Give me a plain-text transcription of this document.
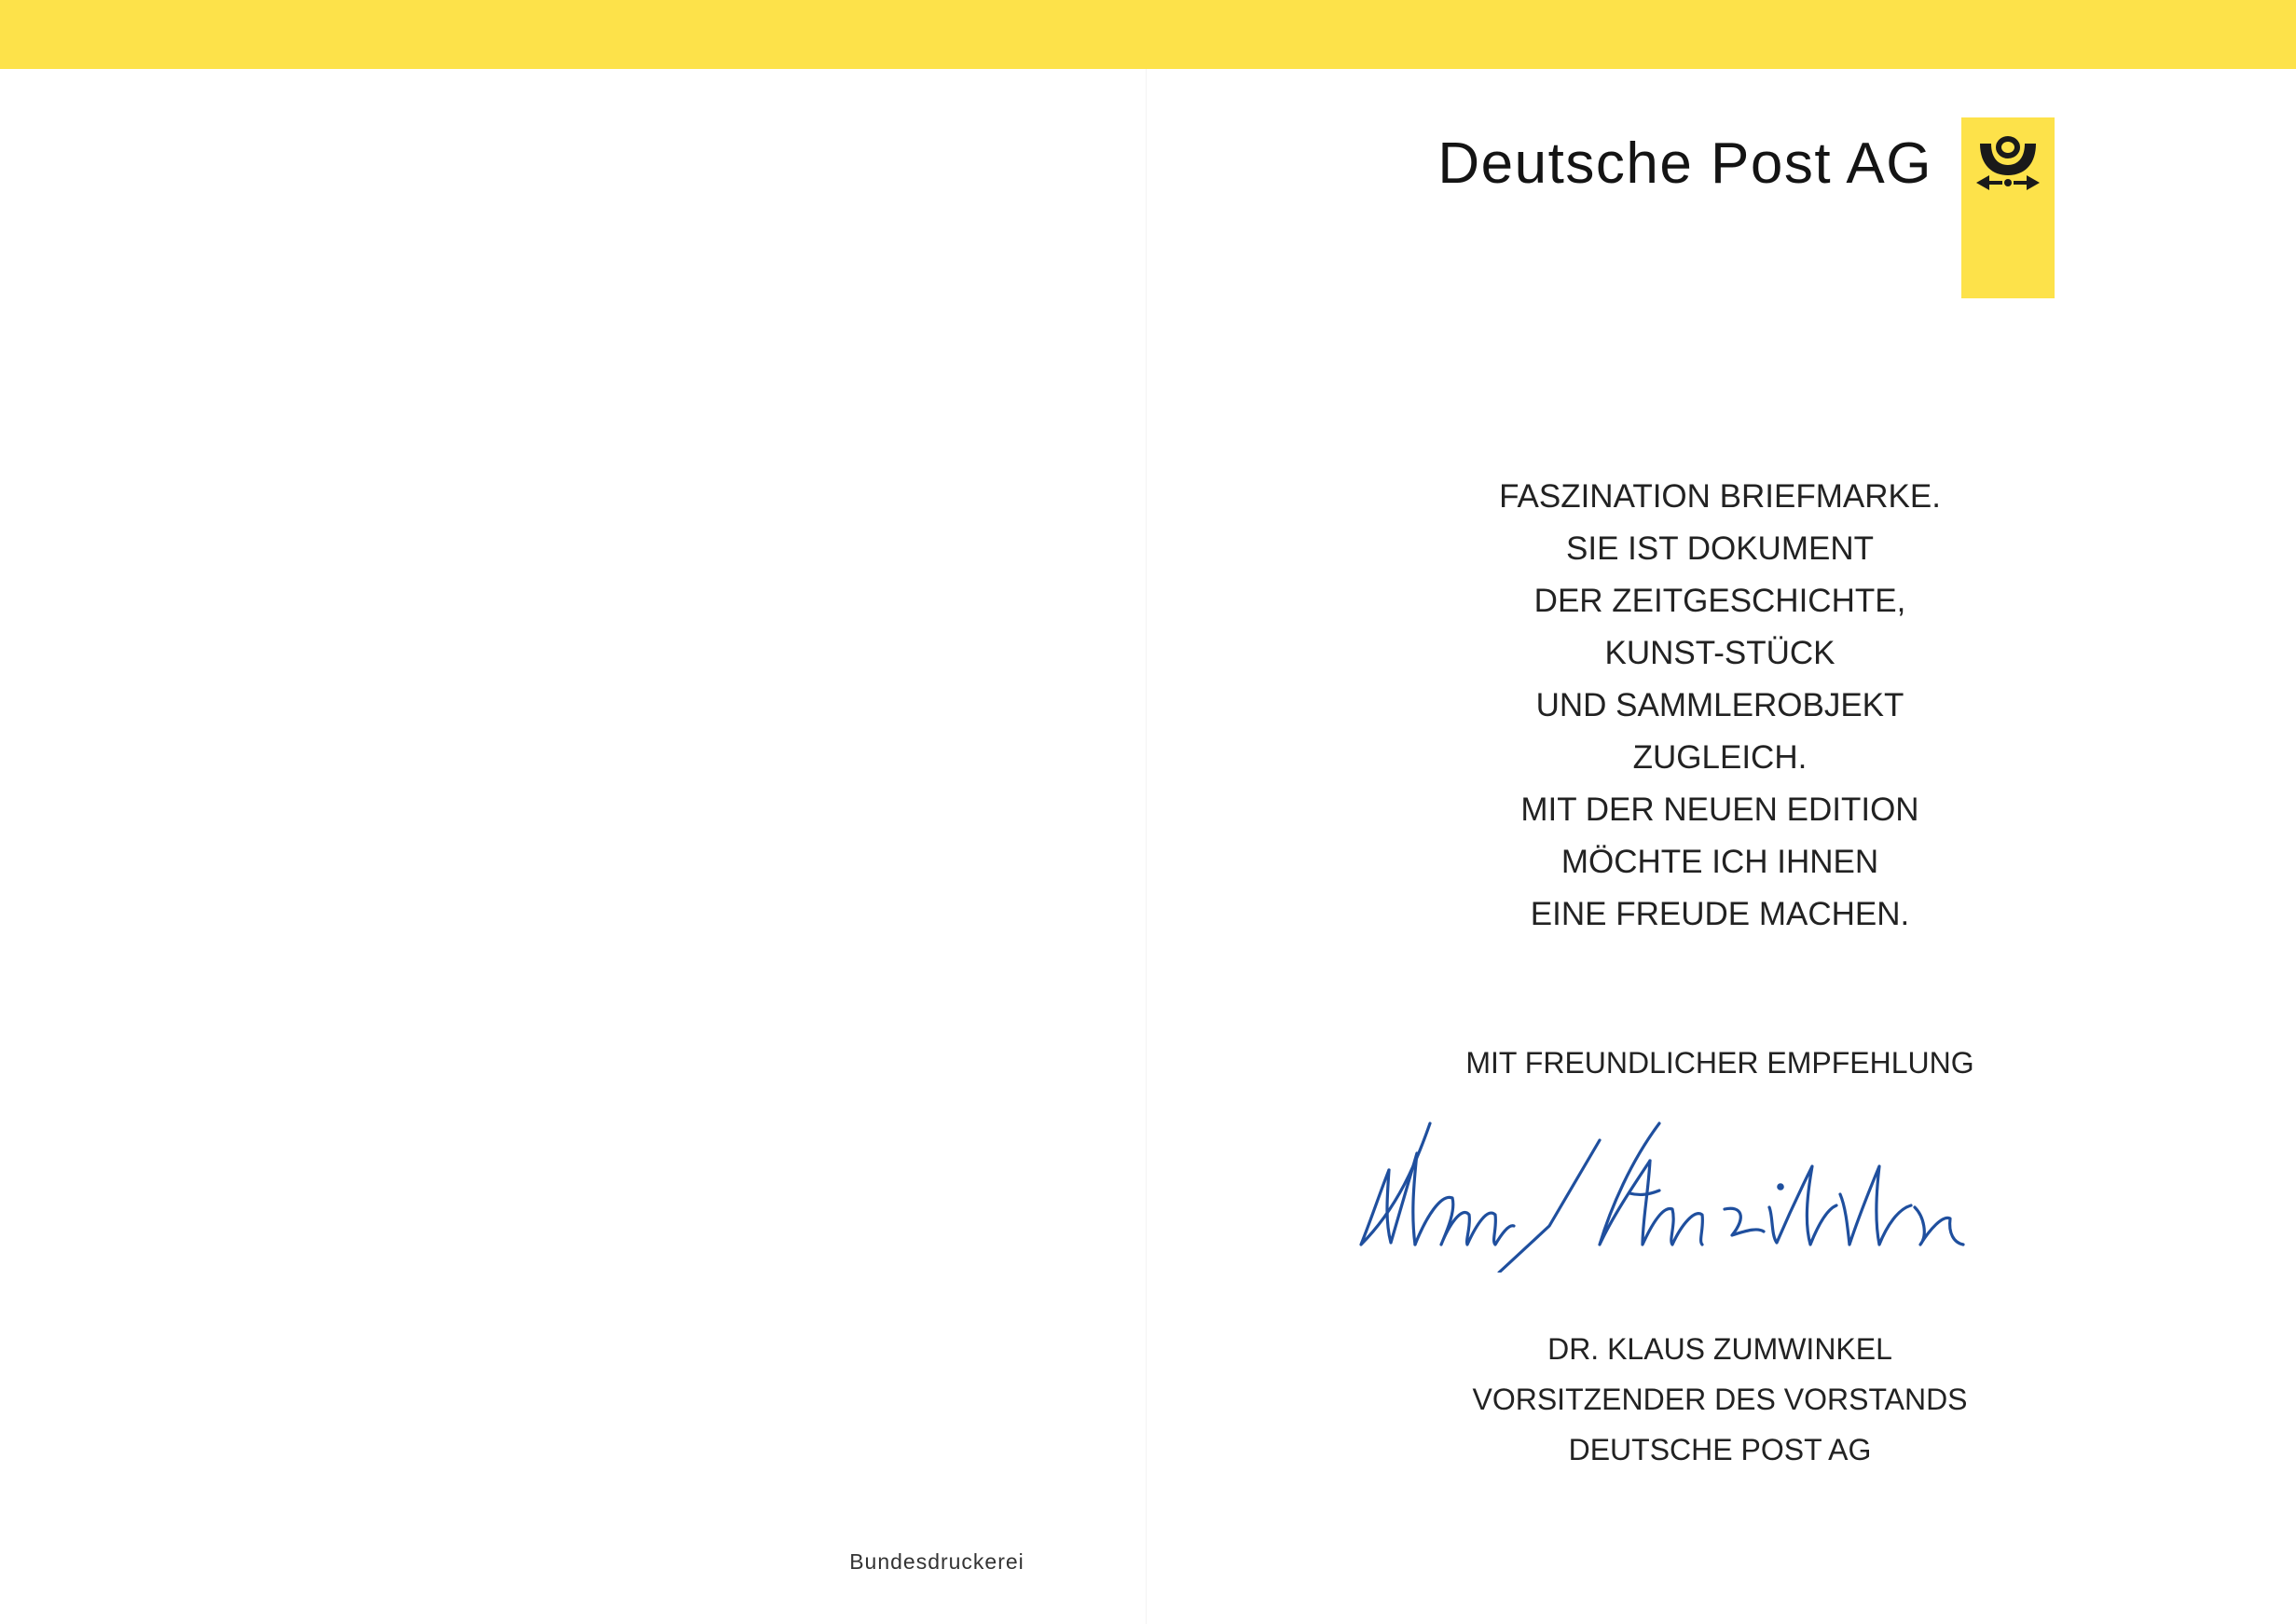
Deutsche Post AG
FASZINATION BRIEFMARKE.
SIE IST DOKUMENT
DER ZEITGESCHICHTE,
KUNST-STÜCK
UND SAMMLEROBJEKT
ZUGLEICH.
MIT DER NEUEN EDITION
MÖCHTE ICH IHNEN
EINE FREUDE MACHEN.
MIT FREUNDLICHER EMPFEHLUNG
DR. KLAUS ZUMWINKEL
VORSITZENDER DES VORSTANDS
DEUTSCHE POST AG
Bundesdruckerei
